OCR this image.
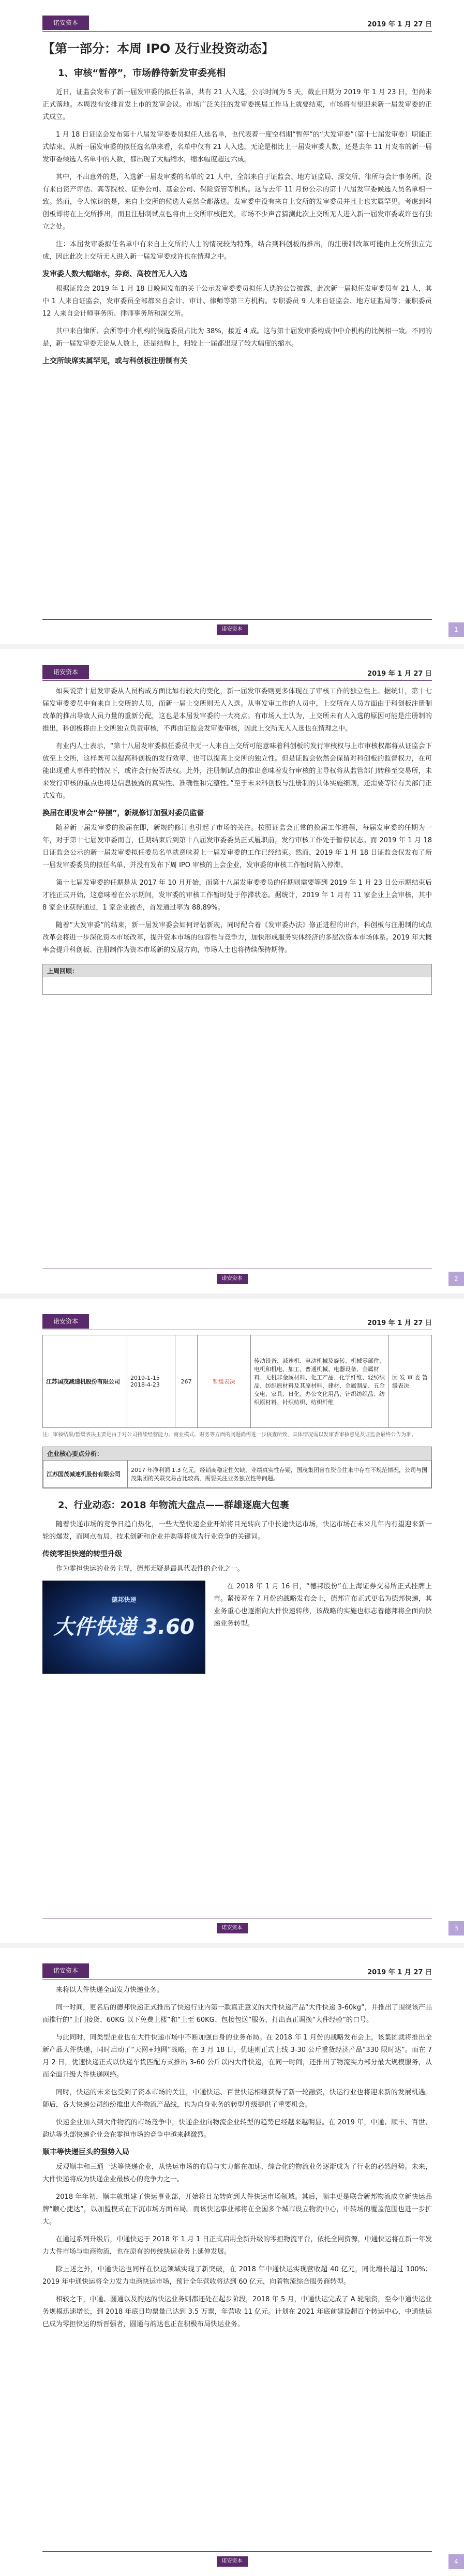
诺安资本	2019 年 1 月 27 日
【第一部分：本周 IPO 及行业投资动态】
1、审核“暂停”，市场静待新发审委亮相

近日，证监会发布了新一届发审委的拟任名单，共有 21 人入选，公示时间为 5 天，截止日期为 2019 年 1 月 23 日，但尚未正式落地。本周没有安排首发上市的发审会议。市场广泛关注的发审委换届工作马上就要结束，市场将有望迎来新一届发审委的正式成立。

1 月 18 日证监会发布第十八届发审委委员拟任人选名单，也代表着一度空档期“暂停”的“大发审委”（第十七届发审委）职能正式结束。从新一届发审委的拟任选名单来看，名单中仅有 21 人入选，无论是相比上一届发审委人数，还是去年 11 月发布的新一届发审委候选人名单中的人数，都出现了大幅缩水，缩水幅度超过六成。

其中，不出意外的是，入选新一届发审委的名单的 21 人中，全部来自于证监会、地方证监局、深交所、律所与会计事务所。没有来自资产评估、高等院校、证券公司、基金公司、保险资管等机构。这与去年 11 月份公示的第十八届发审委候选人员名单相一致。然而，令人惊讶的是，来自上交所的候选人竟然全都落选。发审委中没有来自上交所的发审委员并且上也实属罕见。考虑到科创板即将在上交所推出，而且注册制试点也将由上交所审核把关，市场不少声音猜测此次上交所无人进入新一届发审委或许也有独立之处。

注：本届发审委拟任名单中有来自上交所的人士的情况较为特殊，结合到科创板的推出，的注册制改革可能由上交所独立完成，因此此次上交所无人进入新一届发审委或许也在情理之中。

发审委人数大幅缩水，券商、高校首无人入选

根据证监会 2019 年 1 月 18 日晚间发布的关于公示发审委委员拟任人选的公告披露，此次新一届拟任发审委员有 21 人，其中 1 人来自证监会，发审委员全部都来自会计、审计、律师等第三方机构。专职委员 9 人来自证监会、地方证监局等；兼职委员 12 人来自会计师事务所、律师事务所和深交所。

其中来自律所、会所等中介机构的候选委员占比为 38%，接近 4 成。这与第十届发审委构成中中介机构的比例相一致。不同的是，新一届发审委无论从人数上，还是结构上，相较上一届都出现了较大幅度的缩水。

上交所缺席实属罕见，或与科创板注册制有关
诺安资本	1
诺安资本	2019 年 1 月 27 日

如果说第十届发审委从人员构成方面比如有较大的变化，新一届发审委则更多体现在了审核工作的独立性上。据统计，第十七届发审委委员中有来自上交所的人员，而新一届上交所则无人入选。从事发审工作的人员中，上交所在人员方面由于科创板注册制改革的推出导致人员力量的重新分配，这也是本届发审委的一大亮点。有市场人士认为，上交所未有人入选的原因可能是注册制的推出，科创板将由上交所独立负责审核，不再由证监会发审委审核，因此上交所无人入选也在情理之中。

有业内人士表示，“第十八届发审委拟任委员中无一人来自上交所可能意味着科创板的发行审核权与上市审核权都将从证监会下放至上交所，这样既可以提高科创板的发行效率，也可以提高上交所的独立性。但是证监会依然会保留对科创板的监督权力，在可能出现重大事件的情况下，或许会行使否决权。此外，注册制试点的推出意味着发行审核的主导权将从监管部门转移至交易所，未来发行审核的重点也将是信息披露的真实性、准确性和完整性。”至于未来科创板与注册制的具体实施细则，还需要等待有关部门正式发布。

换届在即发审会“停摆”，新规修订加强对委员监督

随着新一届发审委的换届在即，新规的修订也引起了市场的关注。按照证监会正常的换届工作进程，每届发审委的任期为一年，对于第十七届发审委而言，任期结束后到第十八届发审委委员正式履职前，发行审核工作处于暂停状态。而 2019 年 1 月 18 日证监会公示的新一届发审委拟任委员名单就意味着上一届发审委的工作已经结束。然而，2019 年 1 月 18 日证监会仅发布了新一届发审委委员的拟任名单，并没有发布下周 IPO 审核的上会企业，发审委的审核工作暂时陷入停滞。

第十七届发审委的任期是从 2017 年 10 月开始，而第十八届发审委委员的任期则需要等到 2019 年 1 月 23 日公示期结束后才能正式开始，这意味着在公示期间，发审委的审核工作暂时处于停滞状态。据统计，2019 年 1 月有 11 家企业上会审核，其中 8 家企业获得通过，1 家企业被否，首发通过率为 88.89%。

随着“大发审委”的结束，新一届发审委会如何评估新规，同时配合着《发审委办法》修正进程的出台，科创板与注册制的试点改革会将进一步深化资本市场改革，提升资本市场的包容性与竞争力，加快形成服务实体经济的多层次资本市场体系。2019 年大概率会提升科创板、注册制作为资本市场新的发展方向，市场人士也将持续保持期待。

上周回顾：
诺安资本	2
诺安资本	2019 年 1 月 27 日
江苏国茂减速机股份有限公司	2019-1-15
2018-4-23	267	暂缓表决	传动设备、减速机、电动机械及旋转、机械零部件、电机和机电、加工、普通机械、电器设备、金属材料、无机非金属材料、化工产品、化学纤维、轻纺织品、纺织原材料及其原材料、建材、金属制品、五金交电、家具、日化、办公文化用品、针织纺织品、纺织原材料、针织纺织、纺织纤维	因 发 审 委 暂缓表决
注：审核结果/暂缓表决主要是由于对公司持续经营能力、商业模式、财务等方面的问题尚需进一步核查所致，具体情况需以发审委审核意见及证监会最终公告为准。
企业核心要点分析：
江苏国茂减速机股份有限公司	2017 年净利润 1.3 亿元，经销商稳定性欠缺，业绩真实性存疑，国茂集团曾在资金往来中存在不规范情况，公司与国茂集团的关联交易占比较高，需要关注业务独立性等问题。
2、行业动态：2018 年物流大盘点——群雄逐鹿大包裹

随着快递市场的竞争日趋白热化，一些大型快递企业开始将目光转向了中长途快运市场，快运市场在未来几年内有望迎来新一轮的爆发，而网点布局、技术创新和企业并购等将成为行业竞争的关键词。

传统零担快递的转型升级

作为零担快运的业务主导，德邦无疑是最具代表性的企业之一。

德邦快递
大件快递 3.60

在 2018 年 1 月 16 日，“德邦股份”在上海证券交易所正式挂牌上市。紧接着在 7 月份的战略发布会上，德邦宣布正式更名为德邦快递，其业务重心也逐渐向大件快递转移，该战略的实施也标志着德邦将全面向快递业务转型。

诺安资本	3
诺安资本	2019 年 1 月 27 日

来将以大件快递全面发力快递业务。

同一时间，更名后的德邦快递正式推出了快递行业内第一款真正意义的大件快递产品“大件快递 3-60kg”，并推出了围绕该产品而推行的“上门接货、60KG 以下免费上楼”和“上至 60KG、包接包送”服务，打出真正调换“大件经验”的口号。

与此同时，同类型企业也在大件快递市场中不断加强自身的业务布局。在 2018 年 1 月份的战略发布会上，该集团就将推出全新产品大件快递，同时启动了“天网+地网”战略，在 3 月 18 日，优速则正式上线 3-30 公斤重货经济产品“330 限时达”。而在 7 月 2 日，优速快递正式以快递车货匹配方式推出 3-60 公斤以内大件快递，在同一时间，还推出了物流实力部分最大规模服务，从而全面升级大件快递网络。

同时，快运的未来也受到了资本市场的关注，中通快运、百世快运相继获得了新一轮融资，快运行业也将迎来新的发展机遇。随后，各大快递公司纷纷推出大件物流产品线，也为自身业务的转型升级提供了重要机会。

快递企业加入到大件物流的市场竞争中，快递企业向物流企业转型的趋势已经越来越明显。在 2019 年，中通、顺丰、百世、韵达等头部快递企业会在零担市场的竞争中越来越激烈。

顺丰等快递巨头的强势入局

反观顺丰和三通一达等快递企业，从快运市场的布局与实力都在加速，综合化的物流业务逐渐成为了行业的必然趋势。未来，大件快递将成为快递企业最核心的竞争力之一。

2018 年年初，顺丰就组建了快运事业部，开始将目光转向到大件快运市场领域。其后，顺丰更是联合新邦物流成立新快运品牌“顺心捷达”，以加盟模式在下沉市场方面布局。而该快运事业部将在全国多个城市设立物流中心，中转场的覆盖范围也进一步扩大。

在通过系列升级后，中通快运于 2018 年 1 月 1 日正式启用全新升级的零担物流平台，依托全网资源，中通快运将在新一年发力大件市场与电商物流，也在原有的传统快运业务上延伸发展。

除上述之外，中通快运也同样在快运领域实现了新突破，在 2018 年中通快运实现营收超 40 亿元，同比增长超过 100%；2019 年中通快运将全力发力电商快运市场，预计全年营收将达到 60 亿元，向着物流综合服务商转型。

相较之下，中通、圆通以及韵达的快运业务则都还处在起步阶段，2018 年 5 月，中通快运完成了 A 轮融资，至今中通快运业务规模迅速增长，到 2018 年底日均票量已达到 3.5 万票，年营收 11 亿元。计划在 2021 年底前建设超百个转运中心，中通快运已成为零担快运的新晋强者，圆通与韵达也正在积极布局快运业务。

诺安资本	4
